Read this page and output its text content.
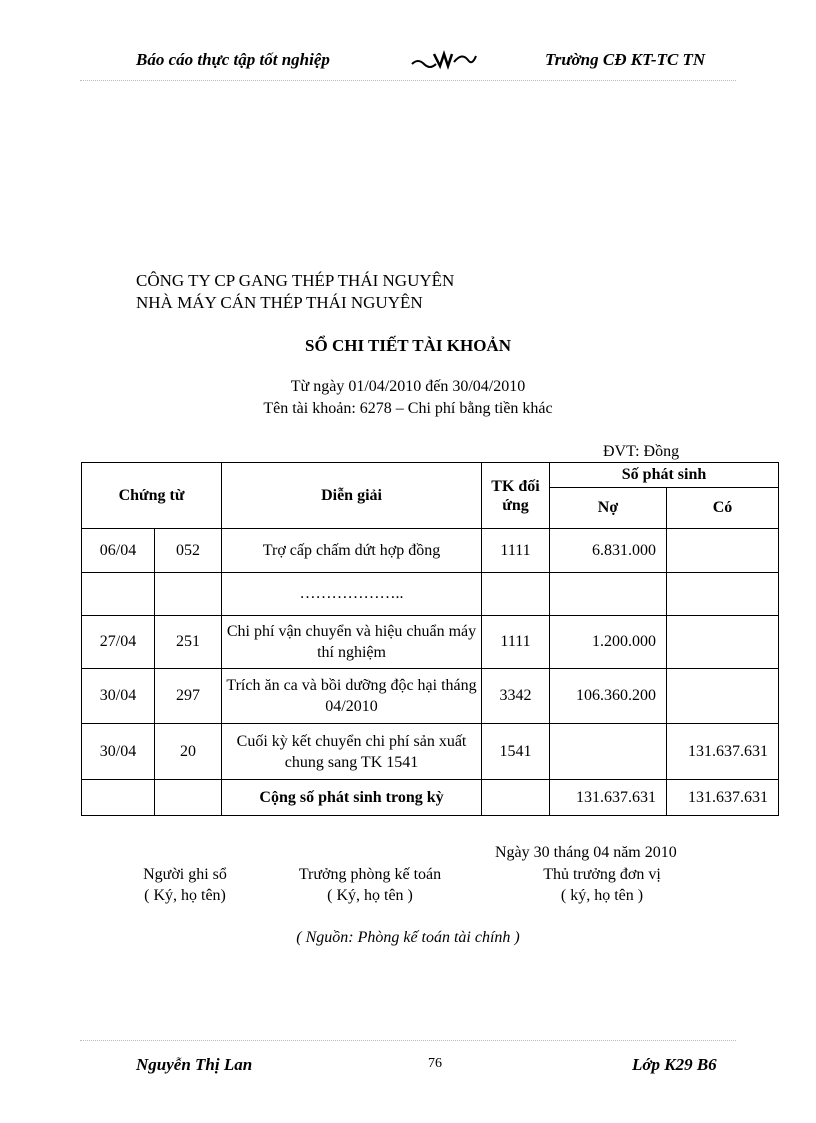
Báo cáo thực tập tốt nghiệp	Trường CĐ KT-TC TN
CÔNG TY CP GANG THÉP THÁI NGUYÊN
NHÀ MÁY CÁN THÉP THÁI NGUYÊN
SỔ CHI TIẾT TÀI KHOẢN
Từ ngày 01/04/2010 đến 30/04/2010
Tên tài khoản: 6278 – Chi phí bằng tiền khác
ĐVT: Đồng
Chứng từ		Diễn giải	TK đối ứng	Số phát sinh	
				Nợ	Có
06/04	052	Trợ cấp chấm dứt hợp đồng	1111	6.831.000	
		………………..			
27/04	251	Chi phí vận chuyển và hiệu chuẩn máy thí nghiệm	1111	1.200.000	
30/04	297	Trích ăn ca và bồi dưỡng độc hại tháng 04/2010	3342	106.360.200	
30/04	20	Cuối kỳ kết chuyển chi phí sản xuất chung sang TK 1541	1541		131.637.631
		Cộng số phát sinh trong kỳ		131.637.631	131.637.631
Ngày 30 tháng 04 năm 2010
Người ghi sổ
( Ký, họ tên)
Trưởng phòng kế toán
( Ký, họ tên )
Thủ trưởng đơn vị
( ký, họ tên )
( Nguồn: Phòng kế toán tài chính )
Nguyễn Thị Lan	76	Lớp K29 B6
